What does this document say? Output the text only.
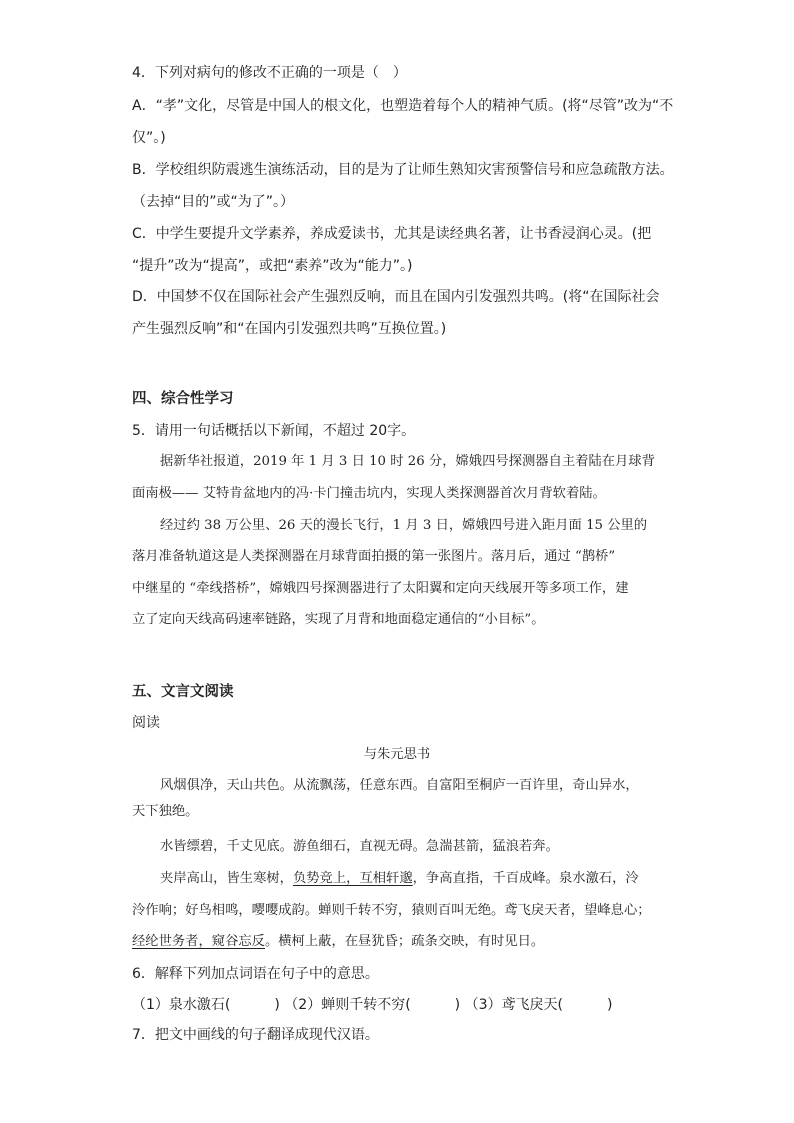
4．下列对病句的修改不正确的一项是（　）
A．“孝”文化，尽管是中国人的根文化，也塑造着每个人的精神气质。(将“尽管”改为“不
仅”。)
B．学校组织防震逃生演练活动，目的是为了让师生熟知灾害预警信号和应急疏散方法。
（去掉“目的”或“为了”。）
C．中学生要提升文学素养，养成爱读书，尤其是读经典名著，让书香浸润心灵。(把
“提升”改为“提高”，或把“素养”改为“能力”。)
D．中国梦不仅在国际社会产生强烈反响，而且在国内引发强烈共鸣。(将“在国际社会
产生强烈反响”和“在国内引发强烈共鸣”互换位置。)
四、综合性学习
5．请用一句话概括以下新闻，不超过 20字。
据新华社报道，2019 年 1 月 3 日 10 时 26 分，嫦娥四号探测器自主着陆在月球背
面南极—— 艾特肯盆地内的冯·卡门撞击坑内，实现人类探测器首次月背软着陆。
经过约 38 万公里、26 天的漫长飞行，1 月 3 日，嫦娥四号进入距月面 15 公里的
落月准备轨道这是人类探测器在月球背面拍摄的第一张图片。落月后，通过 “鹊桥”
中继星的 “牵线搭桥”，嫦娥四号探测器进行了太阳翼和定向天线展开等多项工作，建
立了定向天线高码速率链路，实现了月背和地面稳定通信的“小目标”。
五、文言文阅读
阅读
与朱元思书
风烟俱净，天山共色。从流飘荡，任意东西。自富阳至桐庐一百许里，奇山异水，
天下独绝。
水皆缥碧，千丈见底。游鱼细石，直视无碍。急湍甚箭，猛浪若奔。
夹岸高山，皆生寒树，负势竞上，互相轩邈，争高直指，千百成峰。泉水激石，泠
泠作响；好鸟相鸣，嘤嘤成韵。蝉则千转不穷，猿则百叫无绝。鸢飞戾天者，望峰息心；
经纶世务者，窥谷忘反。横柯上蔽，在昼犹昏；疏条交映，有时见日。
6．解释下列加点词语在句子中的意思。
（1）泉水激石(	) （2）蝉则千转不穷(	) （3）鸢飞戾天(	)
7．把文中画线的句子翻译成现代汉语。
